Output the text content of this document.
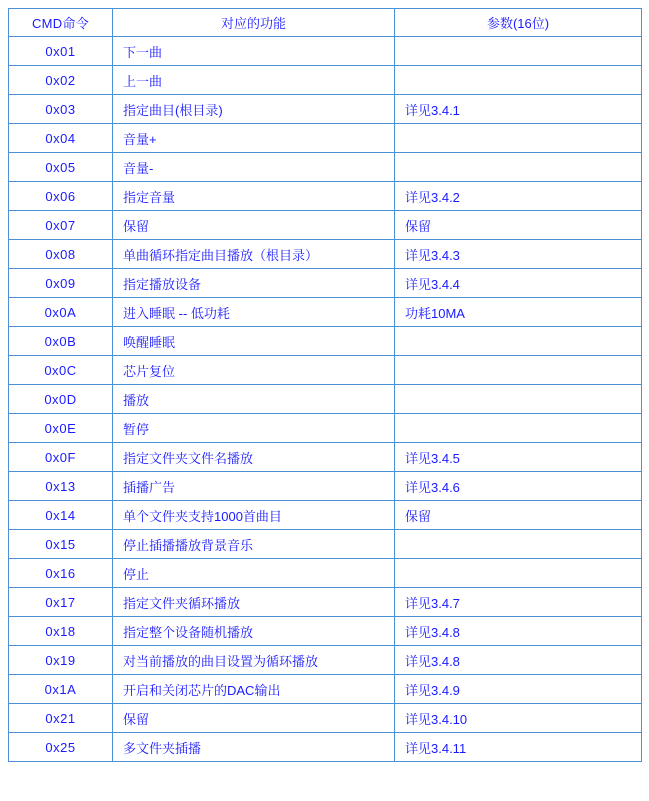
CMD命令	对应的功能	参数(16位)
0x01	下一曲	
0x02	上一曲	
0x03	指定曲目(根目录)	详见3.4.1
0x04	音量+	
0x05	音量-	
0x06	指定音量	详见3.4.2
0x07	保留	保留
0x08	单曲循环指定曲目播放（根目录）	详见3.4.3
0x09	指定播放设备	详见3.4.4
0x0A	进入睡眠 -- 低功耗	功耗10MA
0x0B	唤醒睡眠	
0x0C	芯片复位	
0x0D	播放	
0x0E	暂停	
0x0F	指定文件夹文件名播放	详见3.4.5
0x13	插播广告	详见3.4.6
0x14	单个文件夹支持1000首曲目	保留
0x15	停止插播播放背景音乐	
0x16	停止	
0x17	指定文件夹循环播放	详见3.4.7
0x18	指定整个设备随机播放	详见3.4.8
0x19	对当前播放的曲目设置为循环播放	详见3.4.8
0x1A	开启和关闭芯片的DAC输出	详见3.4.9
0x21	保留	详见3.4.10
0x25	多文件夹插播	详见3.4.11
